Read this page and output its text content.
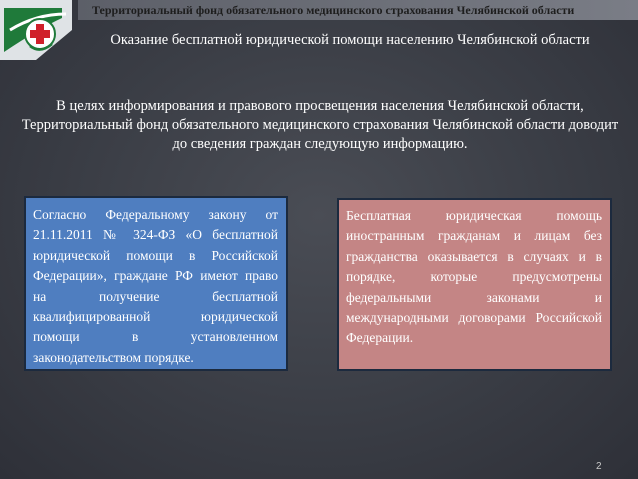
Территориальный фонд обязательного медицинского страхования Челябинской области
Оказание бесплатной юридической помощи населению Челябинской области
В целях информирования и правового просвещения населения Челябинской области, Территориальный фонд обязательного медицинского страхования Челябинской области доводит до сведения граждан следующую информацию.
Согласно Федеральному закону от 21.11.2011 № 324-ФЗ «О бесплатной юридической помощи в Российской Федерации», граждане РФ имеют право на получение бесплатной квалифицированной юридической помощи в установленном законодательством порядке.
Бесплатная юридическая помощь иностранным гражданам и лицам без гражданства оказывается в случаях и в порядке, которые предусмотрены федеральными законами и международными договорами Российской Федерации.
2
